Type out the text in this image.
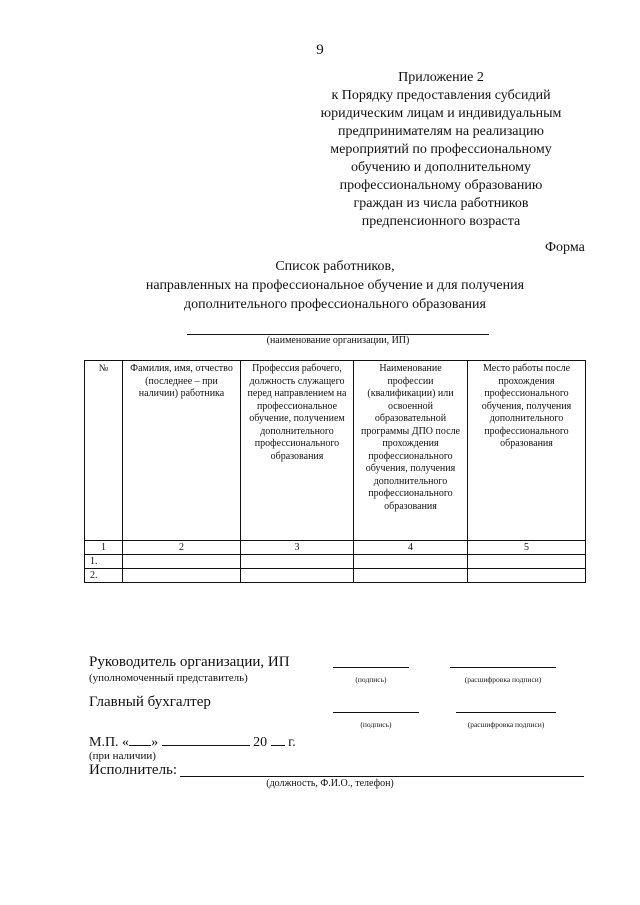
9
Приложение 2
к Порядку предоставления субсидий
юридическим лицам и индивидуальным
предпринимателям на реализацию
мероприятий по профессиональному
обучению и дополнительному
профессиональному образованию
граждан из числа работников
предпенсионного возраста
Форма
Список работников,
направленных на профессиональное обучение и для получения
дополнительного профессионального образования
(наименование организации, ИП)
№	Фамилия, имя, отчество (последнее – при наличии) работника	Профессия рабочего, должность служащего перед направлением на профессиональное обучение, получением дополнительного профессионального образования	Наименование профессии (квалификации) или освоенной образовательной программы ДПО после прохождения профессионального обучения, получения дополнительного профессионального образования	Место работы после прохождения профессионального обучения, получения дополнительного профессионального образования
1	2	3	4	5
1.				
2.				
Руководитель организации, ИП
(уполномоченный представитель)	(подпись)	(расшифровка подписи)
Главный бухгалтер
(подпись)	(расшифровка подписи)
М.П. « »	20 г.
(при наличии)
Исполнитель:
(должность, Ф.И.О., телефон)
